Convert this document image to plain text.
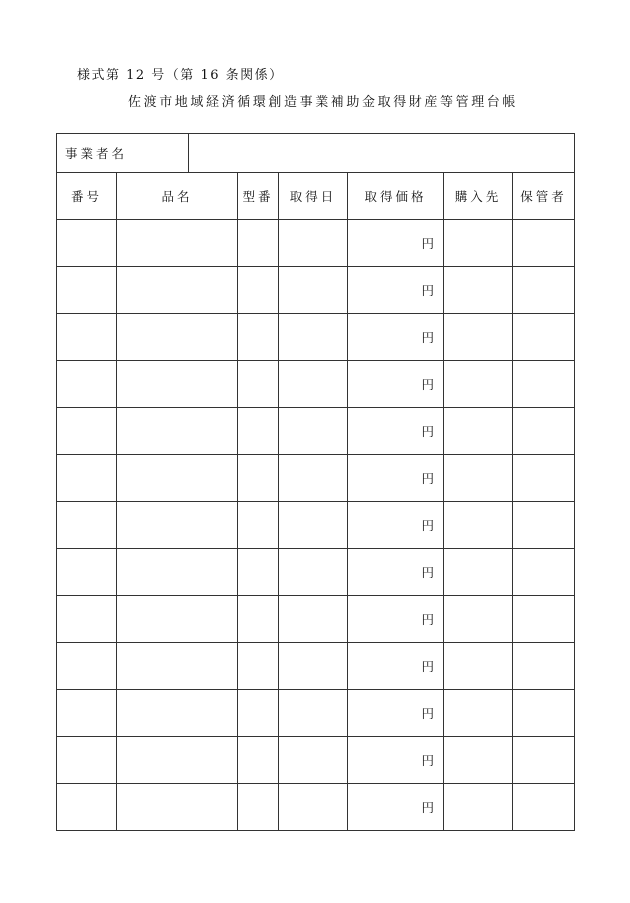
様式第 12 号（第 16 条関係）
佐渡市地域経済循環創造事業補助金取得財産等管理台帳
事業者名							
番号	品名		型番	取得日	取得価格	購入先	保管者
					円		
					円		
					円		
					円		
					円		
					円		
					円		
					円		
					円		
					円		
					円		
					円		
					円		
